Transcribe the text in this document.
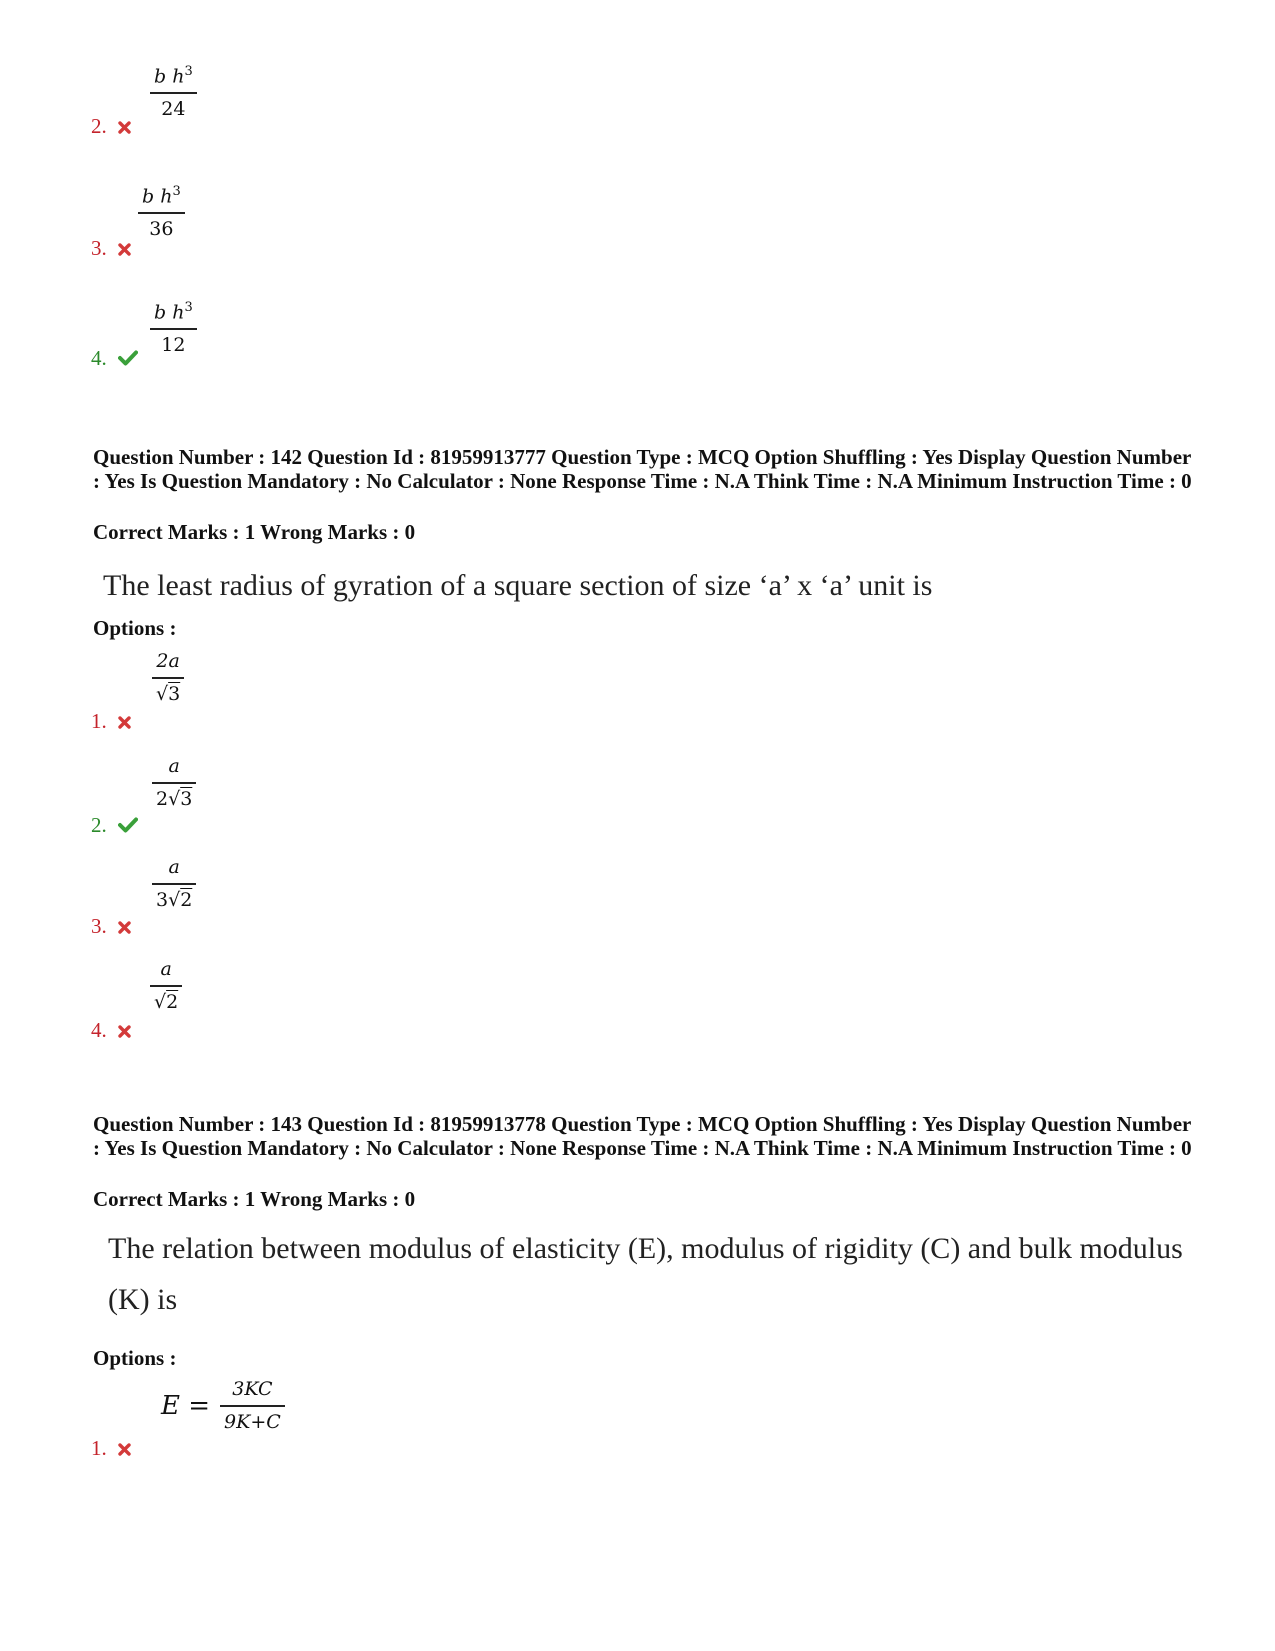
$\frac{b h^3}{24}$
2.
$\frac{b h^3}{36}$
3.
$\frac{b h^3}{12}$
4.
Question Number : 142 Question Id : 81959913777 Question Type : MCQ Option Shuffling : Yes Display Question Number : Yes Is Question Mandatory : No Calculator : None Response Time : N.A Think Time : N.A Minimum Instruction Time : 0
Correct Marks : 1 Wrong Marks : 0
The least radius of gyration of a square section of size ‘a’ x ‘a’ unit is
Options :
$\frac{2a}{√3}$
1.
$\frac{a}{2√3}$
2.
$\frac{a}{3√2}$
3.
$\frac{a}{√2}$
4.
Question Number : 143 Question Id : 81959913778 Question Type : MCQ Option Shuffling : Yes Display Question Number : Yes Is Question Mandatory : No Calculator : None Response Time : N.A Think Time : N.A Minimum Instruction Time : 0
Correct Marks : 1 Wrong Marks : 0
The relation between modulus of elasticity (E), modulus of rigidity (C) and bulk modulus
(K) is
Options :
$E = \frac{3KC}{9K+C}$
1.
